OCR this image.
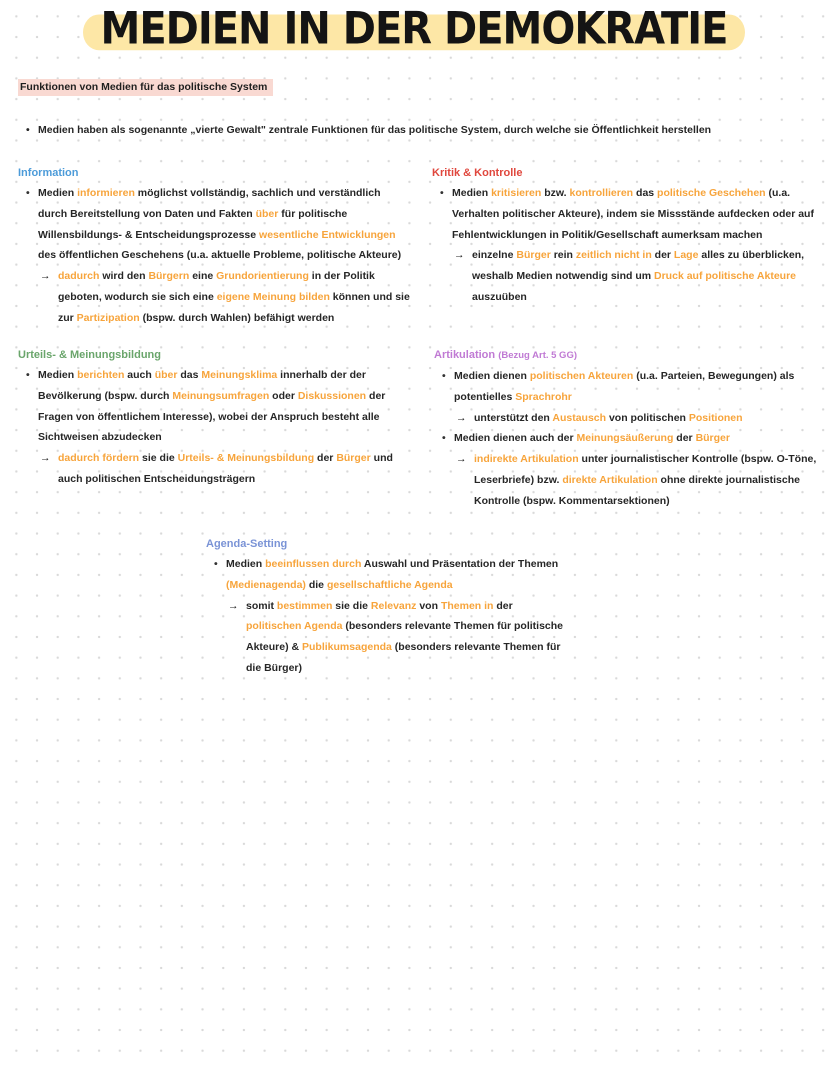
MEDIEN IN DER DEMOKRATIE
Funktionen von Medien für das politische System
• Medien haben als sogenannte „vierte Gewalt" zentrale Funktionen für das politische System, durch welche sie Öffentlichkeit herstellen
Information
• Medien informieren möglichst vollständig, sachlich und verständlich durch Bereitstellung von Daten und Fakten über für politische Willensbildungs- & Entscheidungsprozesse wesentliche Entwicklungen des öffentlichen Geschehens (u.a. aktuelle Probleme, politische Akteure)
→ dadurch wird den Bürgern eine Grundorientierung in der Politik geboten, wodurch sie sich eine eigene Meinung bilden können und sie zur Partizipation (bspw. durch Wahlen) befähigt werden
Kritik & Kontrolle
• Medien kritisieren bzw. kontrollieren das politische Geschehen (u.a. Verhalten politischer Akteure), indem sie Missstände aufdecken oder auf Fehlentwicklungen in Politik/Gesellschaft aumerksam machen
→ einzelne Bürger rein zeitlich nicht in der Lage alles zu überblicken, weshalb Medien notwendig sind um Druck auf politische Akteure auszuüben
Urteils- & Meinungsbildung
• Medien berichten auch über das Meinungsklima innerhalb der der Bevölkerung (bspw. durch Meinungsumfragen oder Diskussionen der Fragen von öffentlichem Interesse), wobei der Anspruch besteht alle Sichtweisen abzudecken
→ dadurch fördern sie die Urteils- & Meinungsbildung der Bürger und auch politischen Entscheidungsträgern
Artikulation (Bezug Art. 5 GG)
• Medien dienen politischen Akteuren (u.a. Parteien, Bewegungen) als potentielles Sprachrohr
→ unterstützt den Austausch von politischen Positionen
• Medien dienen auch der Meinungsäußerung der Bürger
→ indirekte Artikulation unter journalistischer Kontrolle (bspw. O-Töne, Leserbriefe) bzw. direkte Artikulation ohne direkte journalistische Kontrolle (bspw. Kommentarsektionen)
Agenda-Setting
• Medien beeinflussen durch Auswahl und Präsentation der Themen (Medienagenda) die gesellschaftliche Agenda
→ somit bestimmen sie die Relevanz von Themen in der politischen Agenda (besonders relevante Themen für politische Akteure) & Publikumsagenda (besonders relevante Themen für die Bürger)
